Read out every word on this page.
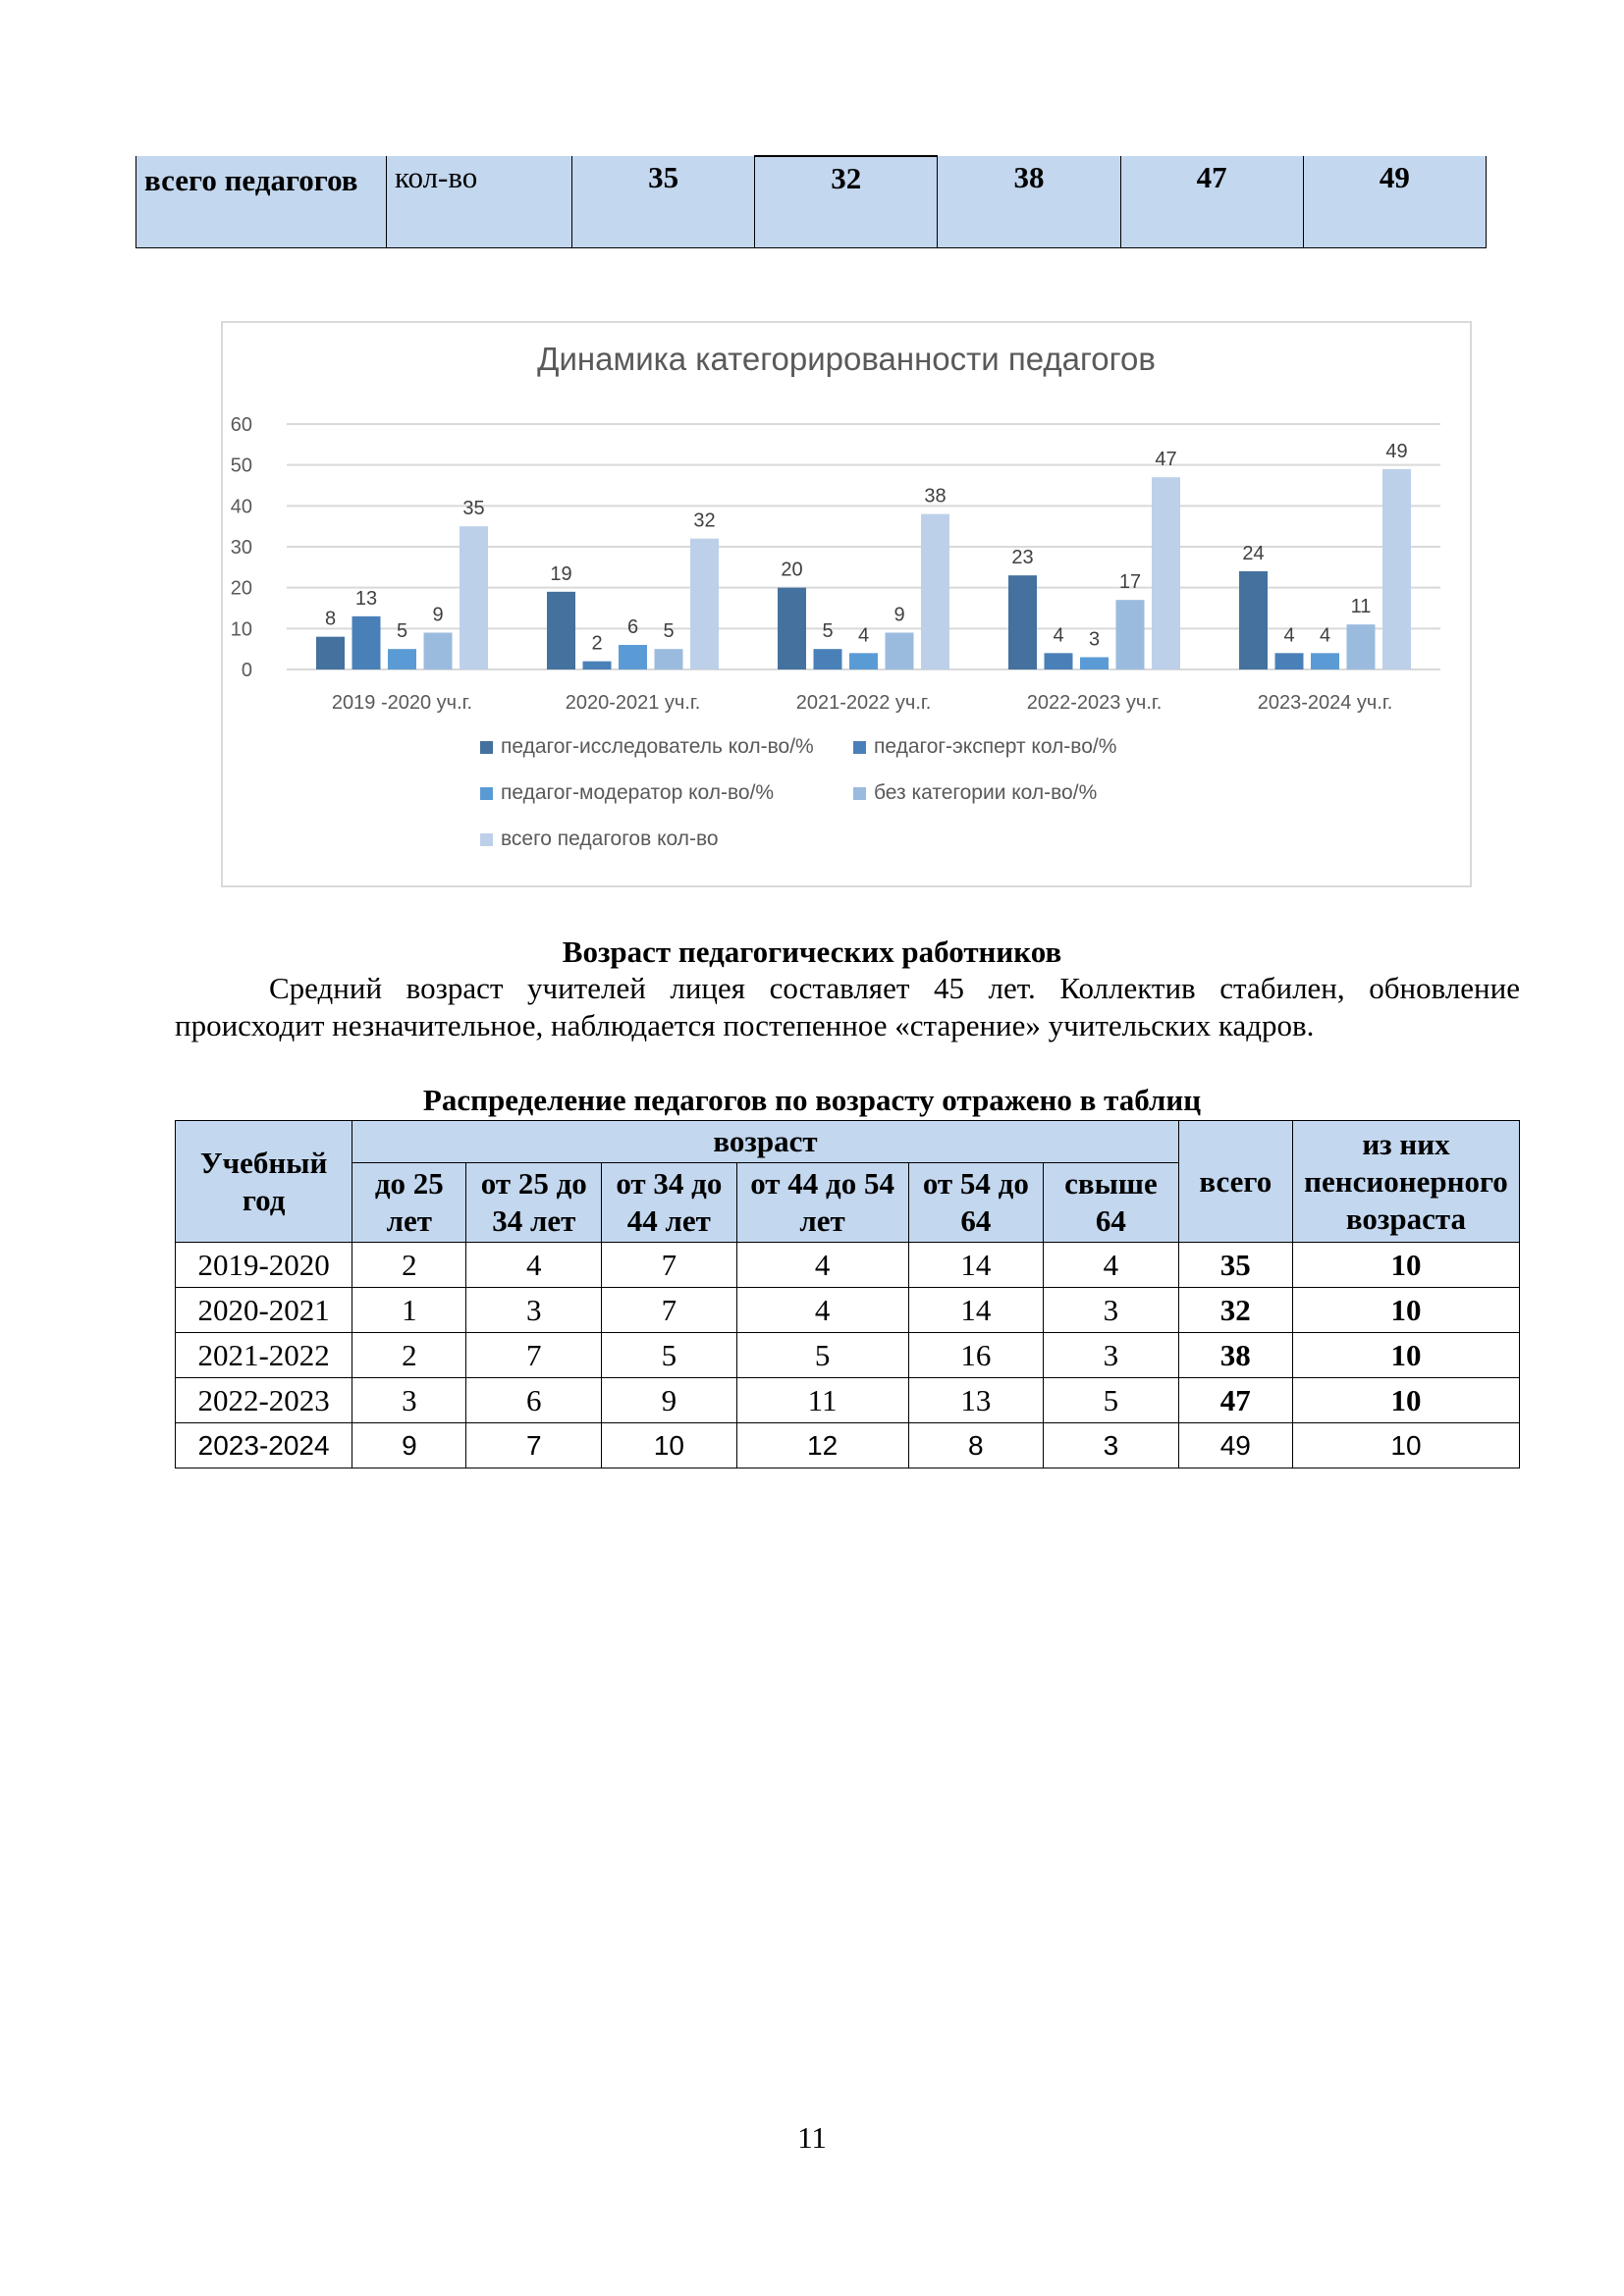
всего педагогов	кол-во	35	32	38	47	49
Динамика категорированности педагогов
0
10
20
30
40
50
60
8
13
5
9
35
19
2
6 5
32
20
5 4
9
38
23
4 3
17
47
24
4 4
11
49
2019 -2020 уч.г.	2020-2021 уч.г.	2021-2022 уч.г.	2022-2023 уч.г.	2023-2024 уч.г.
педагог-исследователь кол-во/%	педагог-эксперт кол-во/%
педагог-модератор кол-во/%	без категории кол-во/%
всего педагогов кол-во
Возраст педагогических работников
Средний возраст учителей лицея составляет 45 лет. Коллектив стабилен, обновление происходит незначительное, наблюдается постепенное «старение» учительских кадров.
Распределение педагогов по возрасту отражено в таблиц
Учебный год	возраст						всего	из них пенсионерного возраста
	до 25 лет	от 25 до 34 лет	от 34 до 44 лет	от 44 до 54 лет	от 54 до 64	свыше 64		
2019-2020	2	4	7	4	14	4	35	10
2020-2021	1	3	7	4	14	3	32	10
2021-2022	2	7	5	5	16	3	38	10
2022-2023	3	6	9	11	13	5	47	10
2023-2024	9	7	10	12	8	3	49	10
11
